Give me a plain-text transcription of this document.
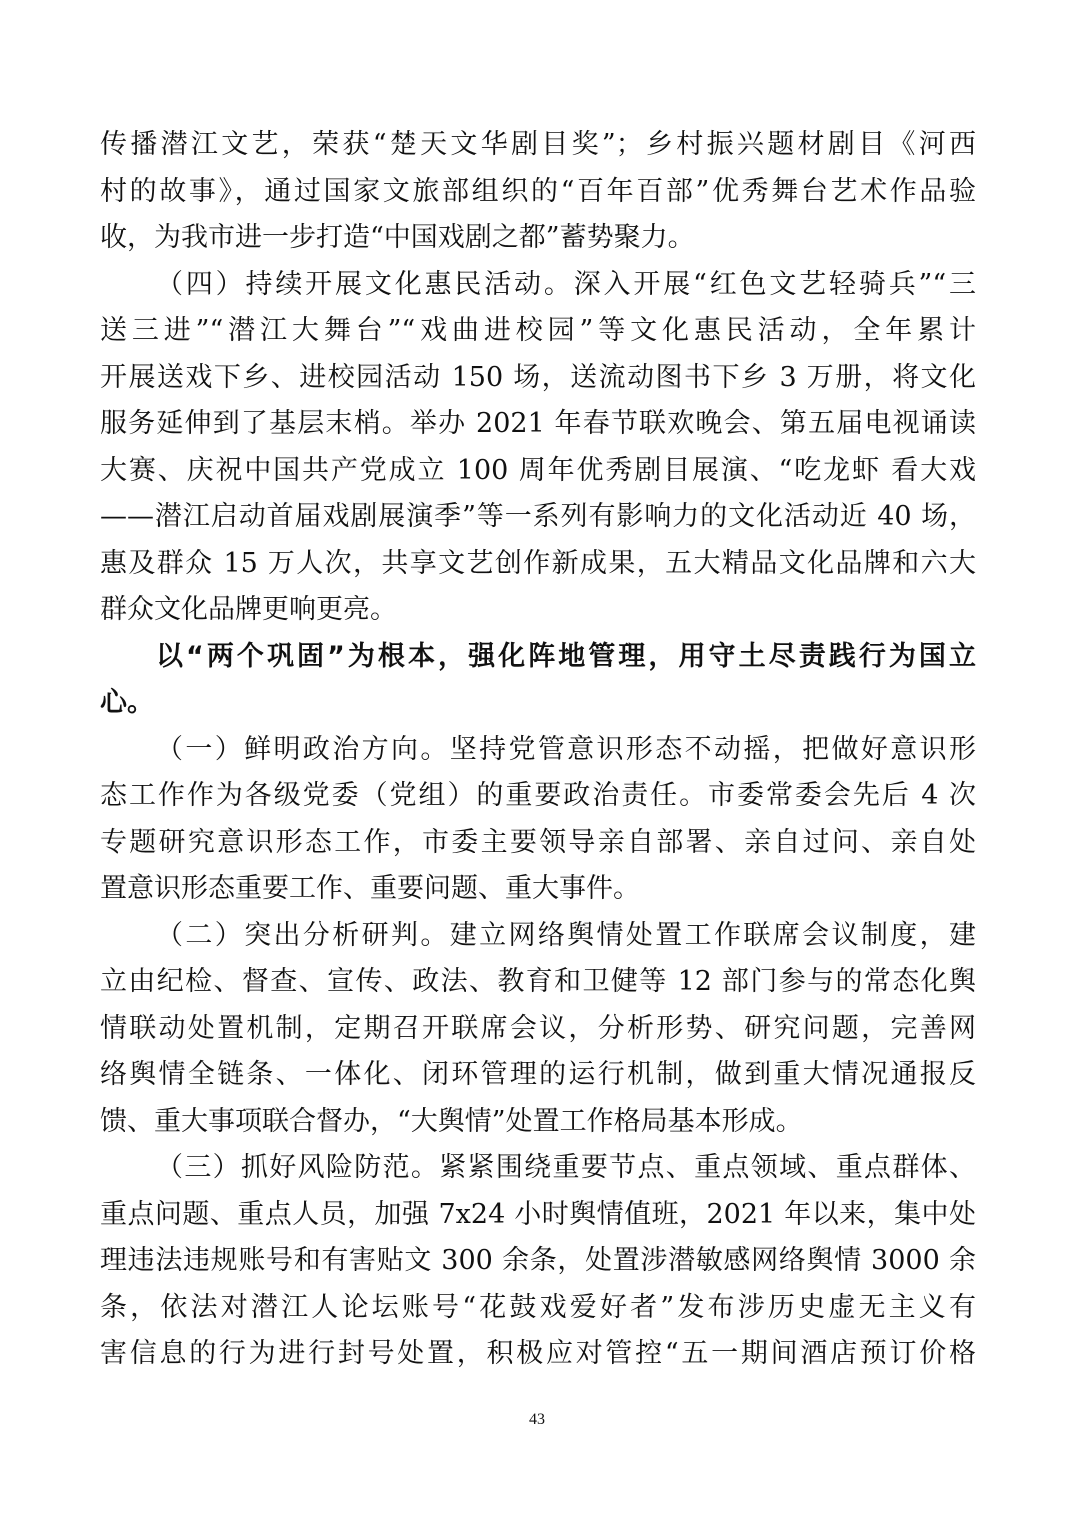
传播潜江文艺，荣获“楚天文华剧目奖”；乡村振兴题材剧目《河西
村的故事》，通过国家文旅部组织的“百年百部”优秀舞台艺术作品验
收，为我市进一步打造“中国戏剧之都”蓄势聚力。
（四）持续开展文化惠民活动。深入开展“红色文艺轻骑兵”“三
送三进”“潜江大舞台”“戏曲进校园”等文化惠民活动，全年累计
开展送戏下乡、进校园活动 150 场，送流动图书下乡 3 万册，将文化
服务延伸到了基层末梢。举办 2021 年春节联欢晚会、第五届电视诵读
大赛、庆祝中国共产党成立 100 周年优秀剧目展演、“吃龙虾 看大戏
——潜江启动首届戏剧展演季”等一系列有影响力的文化活动近 40 场，
惠及群众 15 万人次，共享文艺创作新成果，五大精品文化品牌和六大
群众文化品牌更响更亮。
以“两个巩固”为根本，强化阵地管理，用守土尽责践行为国立
心。
（一）鲜明政治方向。坚持党管意识形态不动摇，把做好意识形
态工作作为各级党委（党组）的重要政治责任。市委常委会先后 4 次
专题研究意识形态工作，市委主要领导亲自部署、亲自过问、亲自处
置意识形态重要工作、重要问题、重大事件。
（二）突出分析研判。建立网络舆情处置工作联席会议制度，建
立由纪检、督查、宣传、政法、教育和卫健等 12 部门参与的常态化舆
情联动处置机制，定期召开联席会议，分析形势、研究问题，完善网
络舆情全链条、一体化、闭环管理的运行机制，做到重大情况通报反
馈、重大事项联合督办，“大舆情”处置工作格局基本形成。
（三）抓好风险防范。紧紧围绕重要节点、重点领域、重点群体、
重点问题、重点人员，加强 7x24 小时舆情值班，2021 年以来，集中处
理违法违规账号和有害贴文 300 余条，处置涉潜敏感网络舆情 3000 余
条，依法对潜江人论坛账号“花鼓戏爱好者”发布涉历史虚无主义有
害信息的行为进行封号处置，积极应对管控“五一期间酒店预订价格
43
